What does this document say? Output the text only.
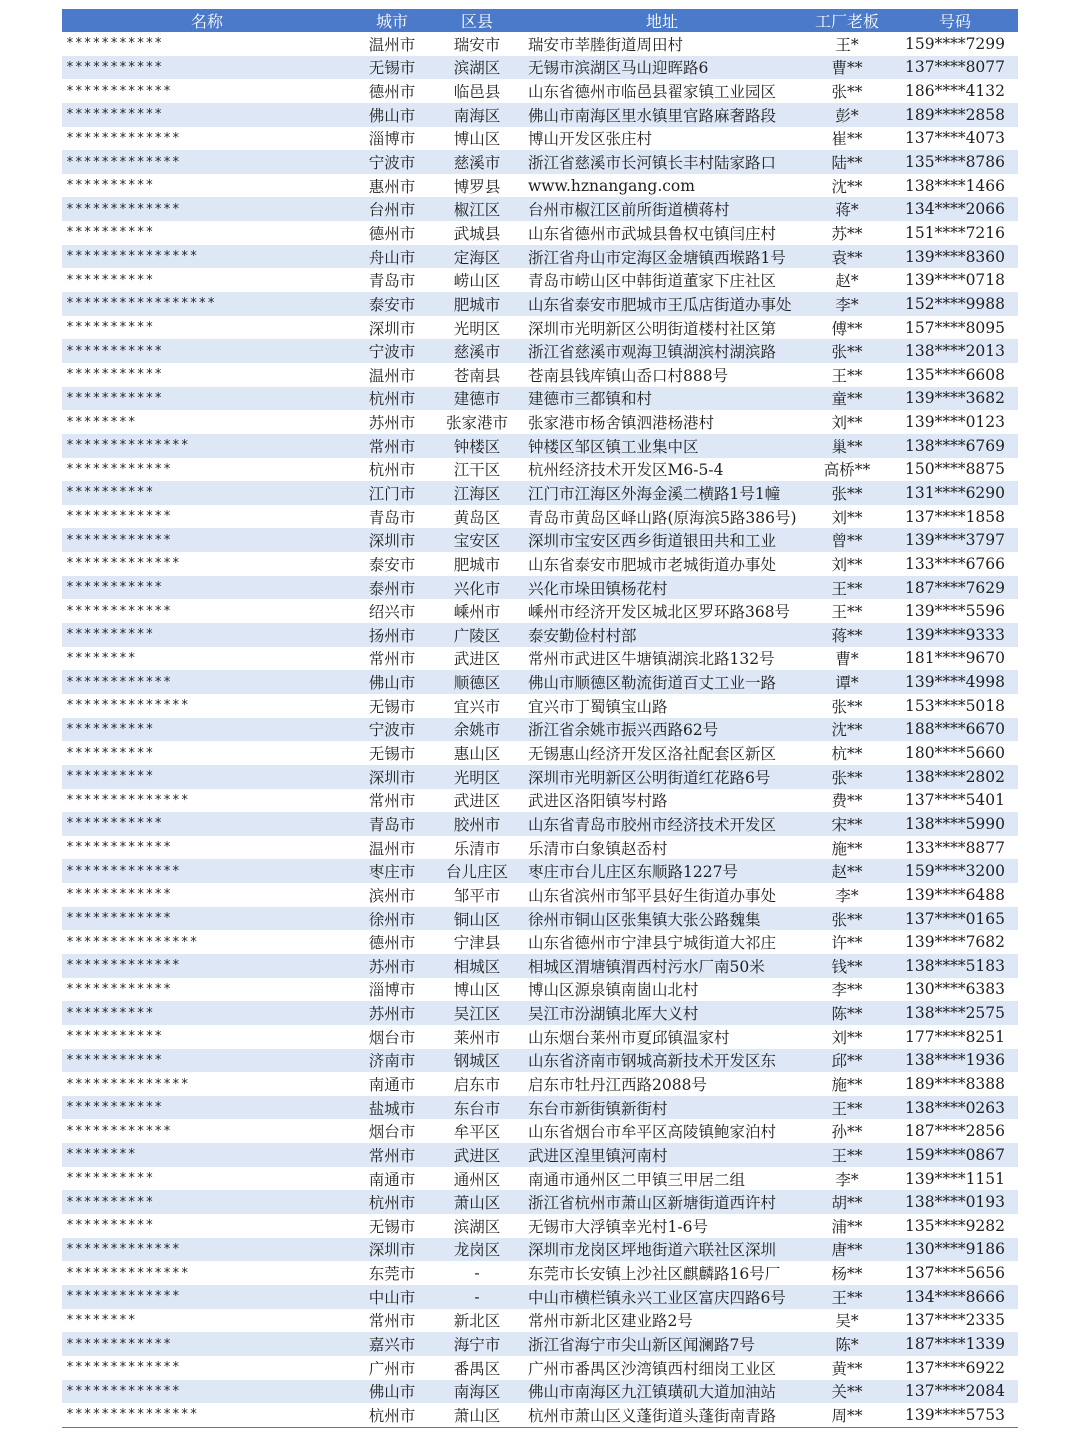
名称	城市	区县	地址	工厂老板	号码
***********	温州市	瑞安市	瑞安市莘塍街道周田村	王*	159****7299
***********	无锡市	滨湖区	无锡市滨湖区马山迎晖路6	曹**	137****8077
************	德州市	临邑县	山东省德州市临邑县翟家镇工业园区	张**	186****4132
***********	佛山市	南海区	佛山市南海区里水镇里官路麻奢路段	彭*	189****2858
*************	淄博市	博山区	博山开发区张庄村	崔**	137****4073
*************	宁波市	慈溪市	浙江省慈溪市长河镇长丰村陆家路口	陆**	135****8786
**********	惠州市	博罗县	www.hznangang.com	沈**	138****1466
*************	台州市	椒江区	台州市椒江区前所街道横蒋村	蒋*	134****2066
**********	德州市	武城县	山东省德州市武城县鲁权屯镇闫庄村	苏**	151****7216
***************	舟山市	定海区	浙江省舟山市定海区金塘镇西堠路1号	袁**	139****8360
**********	青岛市	崂山区	青岛市崂山区中韩街道董家下庄社区	赵*	139****0718
*****************	泰安市	肥城市	山东省泰安市肥城市王瓜店街道办事处	李*	152****9988
**********	深圳市	光明区	深圳市光明新区公明街道楼村社区第	傅**	157****8095
***********	宁波市	慈溪市	浙江省慈溪市观海卫镇湖滨村湖滨路	张**	138****2013
***********	温州市	苍南县	苍南县钱库镇山岙口村888号	王**	135****6608
***********	杭州市	建德市	建德市三都镇和村	童**	139****3682
********	苏州市	张家港市	张家港市杨舍镇泗港杨港村	刘**	139****0123
**************	常州市	钟楼区	钟楼区邹区镇工业集中区	巢**	138****6769
************	杭州市	江干区	杭州经济技术开发区M6-5-4	高桥**	150****8875
**********	江门市	江海区	江门市江海区外海金溪二横路1号1幢	张**	131****6290
************	青岛市	黄岛区	青岛市黄岛区峄山路(原海滨5路386号)	刘**	137****1858
************	深圳市	宝安区	深圳市宝安区西乡街道银田共和工业	曾**	139****3797
*************	泰安市	肥城市	山东省泰安市肥城市老城街道办事处	刘**	133****6766
***********	泰州市	兴化市	兴化市垛田镇杨花村	王**	187****7629
************	绍兴市	嵊州市	嵊州市经济开发区城北区罗环路368号	王**	139****5596
**********	扬州市	广陵区	泰安勤俭村村部	蒋**	139****9333
********	常州市	武进区	常州市武进区牛塘镇湖滨北路132号	曹*	181****9670
************	佛山市	顺德区	佛山市顺德区勒流街道百丈工业一路	谭*	139****4998
**************	无锡市	宜兴市	宜兴市丁蜀镇宝山路	张**	153****5018
**********	宁波市	余姚市	浙江省余姚市振兴西路62号	沈**	188****6670
**********	无锡市	惠山区	无锡惠山经济开发区洛社配套区新区	杭**	180****5660
**********	深圳市	光明区	深圳市光明新区公明街道红花路6号	张**	138****2802
**************	常州市	武进区	武进区洛阳镇岑村路	费**	137****5401
***********	青岛市	胶州市	山东省青岛市胶州市经济技术开发区	宋**	138****5990
************	温州市	乐清市	乐清市白象镇赵岙村	施**	133****8877
*************	枣庄市	台儿庄区	枣庄市台儿庄区东顺路1227号	赵**	159****3200
************	滨州市	邹平市	山东省滨州市邹平县好生街道办事处	李*	139****6488
************	徐州市	铜山区	徐州市铜山区张集镇大张公路魏集	张**	137****0165
***************	德州市	宁津县	山东省德州市宁津县宁城街道大祁庄	许**	139****7682
*************	苏州市	相城区	相城区渭塘镇渭西村污水厂南50米	钱**	138****5183
************	淄博市	博山区	博山区源泉镇南崮山北村	李**	130****6383
**********	苏州市	吴江区	吴江市汾湖镇北厍大义村	陈**	138****2575
***********	烟台市	莱州市	山东烟台莱州市夏邱镇温家村	刘**	177****8251
***********	济南市	钢城区	山东省济南市钢城高新技术开发区东	邱**	138****1936
**************	南通市	启东市	启东市牡丹江西路2088号	施**	189****8388
***********	盐城市	东台市	东台市新街镇新街村	王**	138****0263
************	烟台市	牟平区	山东省烟台市牟平区高陵镇鲍家泊村	孙**	187****2856
********	常州市	武进区	武进区湟里镇河南村	王**	159****0867
**********	南通市	通州区	南通市通州区二甲镇三甲居二组	李*	139****1151
**********	杭州市	萧山区	浙江省杭州市萧山区新塘街道西许村	胡**	138****0193
**********	无锡市	滨湖区	无锡市大浮镇幸光村1-6号	浦**	135****9282
*************	深圳市	龙岗区	深圳市龙岗区坪地街道六联社区深圳	唐**	130****9186
**************	东莞市	-	东莞市长安镇上沙社区麒麟路16号厂	杨**	137****5656
*************	中山市	-	中山市横栏镇永兴工业区富庆四路6号	王**	134****8666
********	常州市	新北区	常州市新北区建业路2号	吴*	137****2335
************	嘉兴市	海宁市	浙江省海宁市尖山新区闻澜路7号	陈*	187****1339
*************	广州市	番禺区	广州市番禺区沙湾镇西村细岗工业区	黄**	137****6922
*************	佛山市	南海区	佛山市南海区九江镇璜矶大道加油站	关**	137****2084
***************	杭州市	萧山区	杭州市萧山区义蓬街道头蓬街南青路	周**	139****5753
